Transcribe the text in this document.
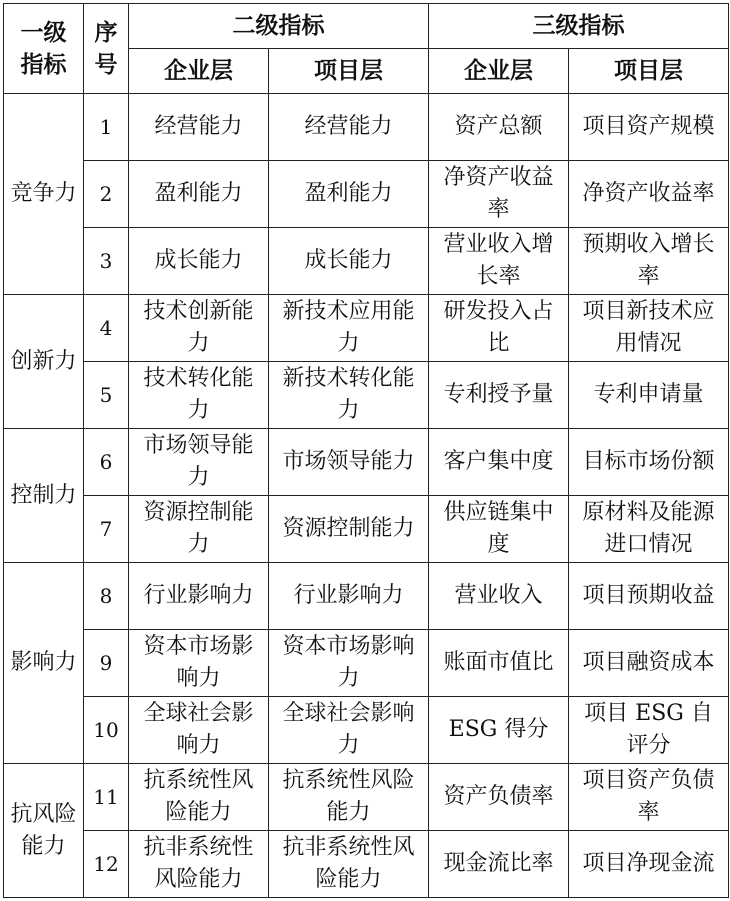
一级指标	序号	二级指标		三级指标	
		企业层	项目层	企业层	项目层
竞争力	1	经营能力	经营能力	资产总额	项目资产规模
	2	盈利能力	盈利能力	净资产收益率	净资产收益率
	3	成长能力	成长能力	营业收入增长率	预期收入增长率
创新力	4	技术创新能力	新技术应用能力	研发投入占比	项目新技术应用情况
	5	技术转化能力	新技术转化能力	专利授予量	专利申请量
控制力	6	市场领导能力	市场领导能力	客户集中度	目标市场份额
	7	资源控制能力	资源控制能力	供应链集中度	原材料及能源进口情况
影响力	8	行业影响力	行业影响力	营业收入	项目预期收益
	9	资本市场影响力	资本市场影响力	账面市值比	项目融资成本
	10	全球社会影响力	全球社会影响力	ESG 得分	项目 ESG 自评分
抗风险能力	11	抗系统性风险能力	抗系统性风险能力	资产负债率	项目资产负债率
	12	抗非系统性风险能力	抗非系统性风险能力	现金流比率	项目净现金流
